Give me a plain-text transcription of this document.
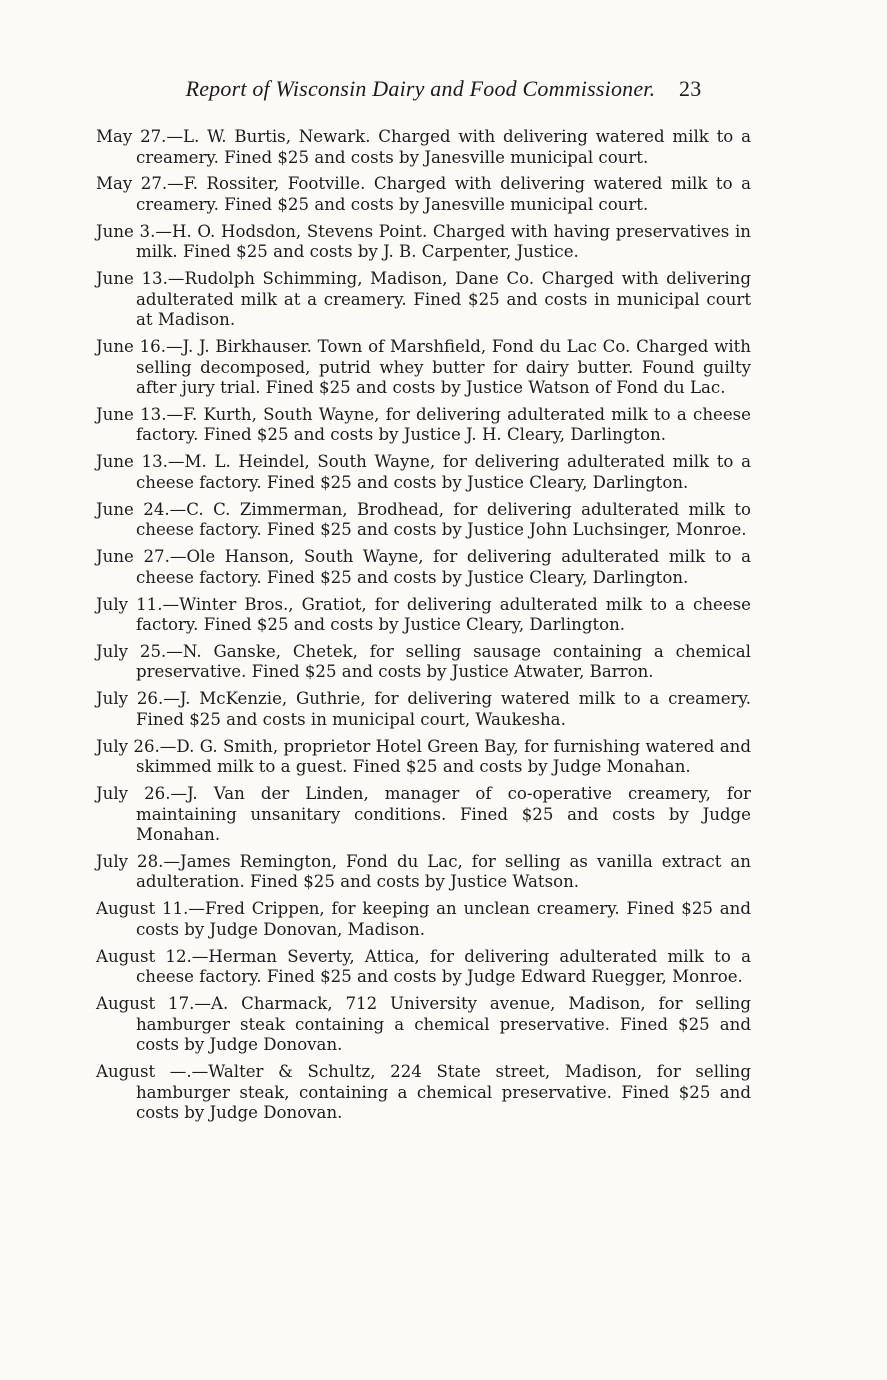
Report of Wisconsin Dairy and Food Commissioner. 23

May 27.—L. W. Burtis, Newark. Charged with delivering watered milk to a creamery. Fined $25 and costs by Janesville municipal court.

May 27.—F. Rossiter, Footville. Charged with delivering watered milk to a creamery. Fined $25 and costs by Janesville municipal court.

June 3.—H. O. Hodsdon, Stevens Point. Charged with having preservatives in milk. Fined $25 and costs by J. B. Carpenter, Justice.

June 13.—Rudolph Schimming, Madison, Dane Co. Charged with delivering adulterated milk at a creamery. Fined $25 and costs in municipal court at Madison.

June 16.—J. J. Birkhauser. Town of Marshfield, Fond du Lac Co. Charged with selling decomposed, putrid whey butter for dairy butter. Found guilty after jury trial. Fined $25 and costs by Justice Watson of Fond du Lac.

June 13.—F. Kurth, South Wayne, for delivering adulterated milk to a cheese factory. Fined $25 and costs by Justice J. H. Cleary, Darlington.

June 13.—M. L. Heindel, South Wayne, for delivering adulterated milk to a cheese factory. Fined $25 and costs by Justice Cleary, Darlington.

June 24.—C. C. Zimmerman, Brodhead, for delivering adulterated milk to cheese factory. Fined $25 and costs by Justice John Luchsinger, Monroe.

June 27.—Ole Hanson, South Wayne, for delivering adulterated milk to a cheese factory. Fined $25 and costs by Justice Cleary, Darlington.

July 11.—Winter Bros., Gratiot, for delivering adulterated milk to a cheese factory. Fined $25 and costs by Justice Cleary, Darlington.

July 25.—N. Ganske, Chetek, for selling sausage containing a chemical preservative. Fined $25 and costs by Justice Atwater, Barron.

July 26.—J. McKenzie, Guthrie, for delivering watered milk to a creamery. Fined $25 and costs in municipal court, Waukesha.

July 26.—D. G. Smith, proprietor Hotel Green Bay, for furnishing watered and skimmed milk to a guest. Fined $25 and costs by Judge Monahan.

July 26.—J. Van der Linden, manager of co-operative creamery, for maintaining unsanitary conditions. Fined $25 and costs by Judge Monahan.

July 28.—James Remington, Fond du Lac, for selling as vanilla extract an adulteration. Fined $25 and costs by Justice Watson.

August 11.—Fred Crippen, for keeping an unclean creamery. Fined $25 and costs by Judge Donovan, Madison.

August 12.—Herman Severty, Attica, for delivering adulterated milk to a cheese factory. Fined $25 and costs by Judge Edward Ruegger, Monroe.

August 17.—A. Charmack, 712 University avenue, Madison, for selling hamburger steak containing a chemical preservative. Fined $25 and costs by Judge Donovan.

August —.—Walter & Schultz, 224 State street, Madison, for selling hamburger steak, containing a chemical preservative. Fined $25 and costs by Judge Donovan.
